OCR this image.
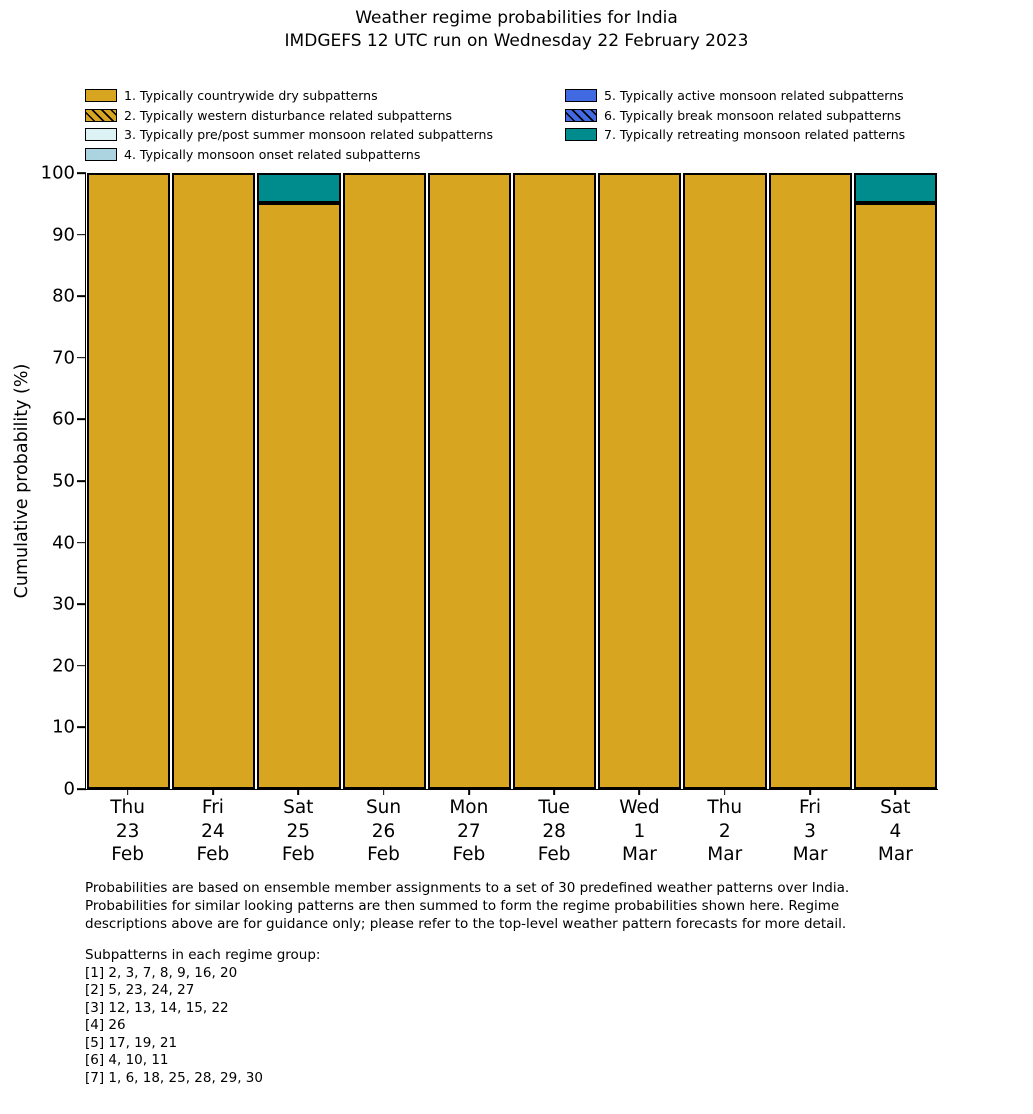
Weather regime probabilities for India
IMDGEFS 12 UTC run on Wednesday 22 February 2023
1. Typically countrywide dry subpatterns
2. Typically western disturbance related subpatterns
3. Typically pre/post summer monsoon related subpatterns
4. Typically monsoon onset related subpatterns
5. Typically active monsoon related subpatterns
6. Typically break monsoon related subpatterns
7. Typically retreating monsoon related patterns
Cumulative probability (%)
0
10
20
30
40
50
60
70
80
90
100
Thu
23
Feb
Fri
24
Feb
Sat
25
Feb
Sun
26
Feb
Mon
27
Feb
Tue
28
Feb
Wed
1
Mar
Thu
2
Mar
Fri
3
Mar
Sat
4
Mar
Probabilities are based on ensemble member assignments to a set of 30 predefined weather patterns over India.
Probabilities for similar looking patterns are then summed to form the regime probabilities shown here. Regime
descriptions above are for guidance only; please refer to the top-level weather pattern forecasts for more detail.
Subpatterns in each regime group:
[1] 2, 3, 7, 8, 9, 16, 20
[2] 5, 23, 24, 27
[3] 12, 13, 14, 15, 22
[4] 26
[5] 17, 19, 21
[6] 4, 10, 11
[7] 1, 6, 18, 25, 28, 29, 30
